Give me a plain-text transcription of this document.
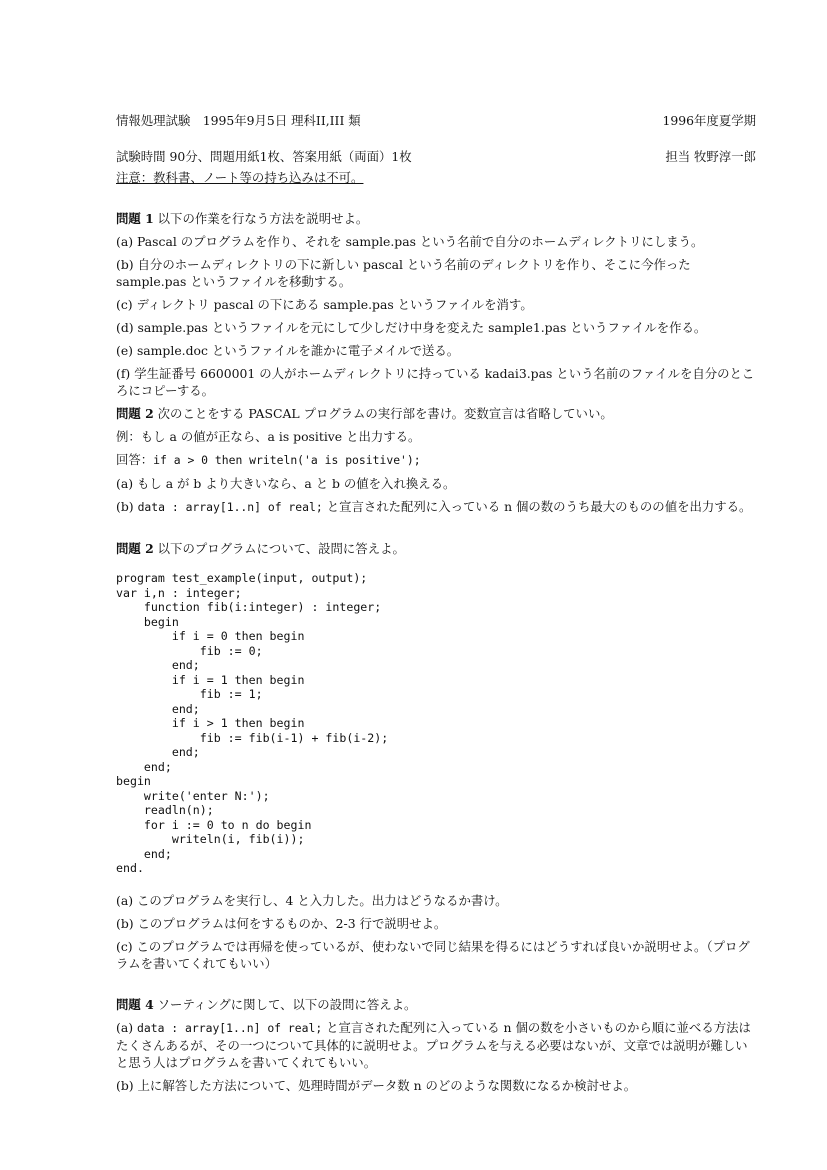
情報処理試験　1995年9月5日 理科II,III 類	1996年度夏学期
試験時間 90分、問題用紙1枚、答案用紙（両面）1枚	担当 牧野淳一郎
注意：教科書、ノート等の持ち込みは不可。

問題 1 以下の作業を行なう方法を説明せよ。

(a) Pascal のプログラムを作り、それを sample.pas という名前で自分のホームディレクトリにしまう。

(b) 自分のホームディレクトリの下に新しい pascal という名前のディレクトリを作り、そこに今作った sample.pas というファイルを移動する。

(c) ディレクトリ pascal の下にある sample.pas というファイルを消す。

(d) sample.pas というファイルを元にして少しだけ中身を変えた sample1.pas というファイルを作る。

(e) sample.doc というファイルを誰かに電子メイルで送る。

(f) 学生証番号 6600001 の人がホームディレクトリに持っている kadai3.pas という名前のファイルを自分のところにコピーする。

問題 2 次のことをする PASCAL プログラムの実行部を書け。変数宣言は省略していい。

例：もし a の値が正なら、a is positive と出力する。

回答：if a > 0 then writeln('a is positive');

(a) もし a が b より大きいなら、a と b の値を入れ換える。

(b) data : array[1..n] of real; と宣言された配列に入っている n 個の数のうち最大のものの値を出力する。

問題 2 以下のプログラムについて、設問に答えよ。

program test_example(input, output);
var i,n : integer;
function fib(i:integer) : integer;
begin
if i = 0 then begin
fib := 0;
end;
if i = 1 then begin
fib := 1;
end;
if i > 1 then begin
fib := fib(i-1) + fib(i-2);
end;
end;
begin
write('enter N:');
readln(n);
for i := 0 to n do begin
writeln(i, fib(i));
end;
end.

(a) このプログラムを実行し、4 と入力した。出力はどうなるか書け。

(b) このプログラムは何をするものか、2-3 行で説明せよ。

(c) このプログラムでは再帰を使っているが、使わないで同じ結果を得るにはどうすれば良いか説明せよ。（プログラムを書いてくれてもいい）

問題 4 ソーティングに関して、以下の設問に答えよ。

(a) data : array[1..n] of real; と宣言された配列に入っている n 個の数を小さいものから順に並べる方法はたくさんあるが、その一つについて具体的に説明せよ。プログラムを与える必要はないが、文章では説明が難しいと思う人はプログラムを書いてくれてもいい。

(b) 上に解答した方法について、処理時間がデータ数 n のどのような関数になるか検討せよ。
